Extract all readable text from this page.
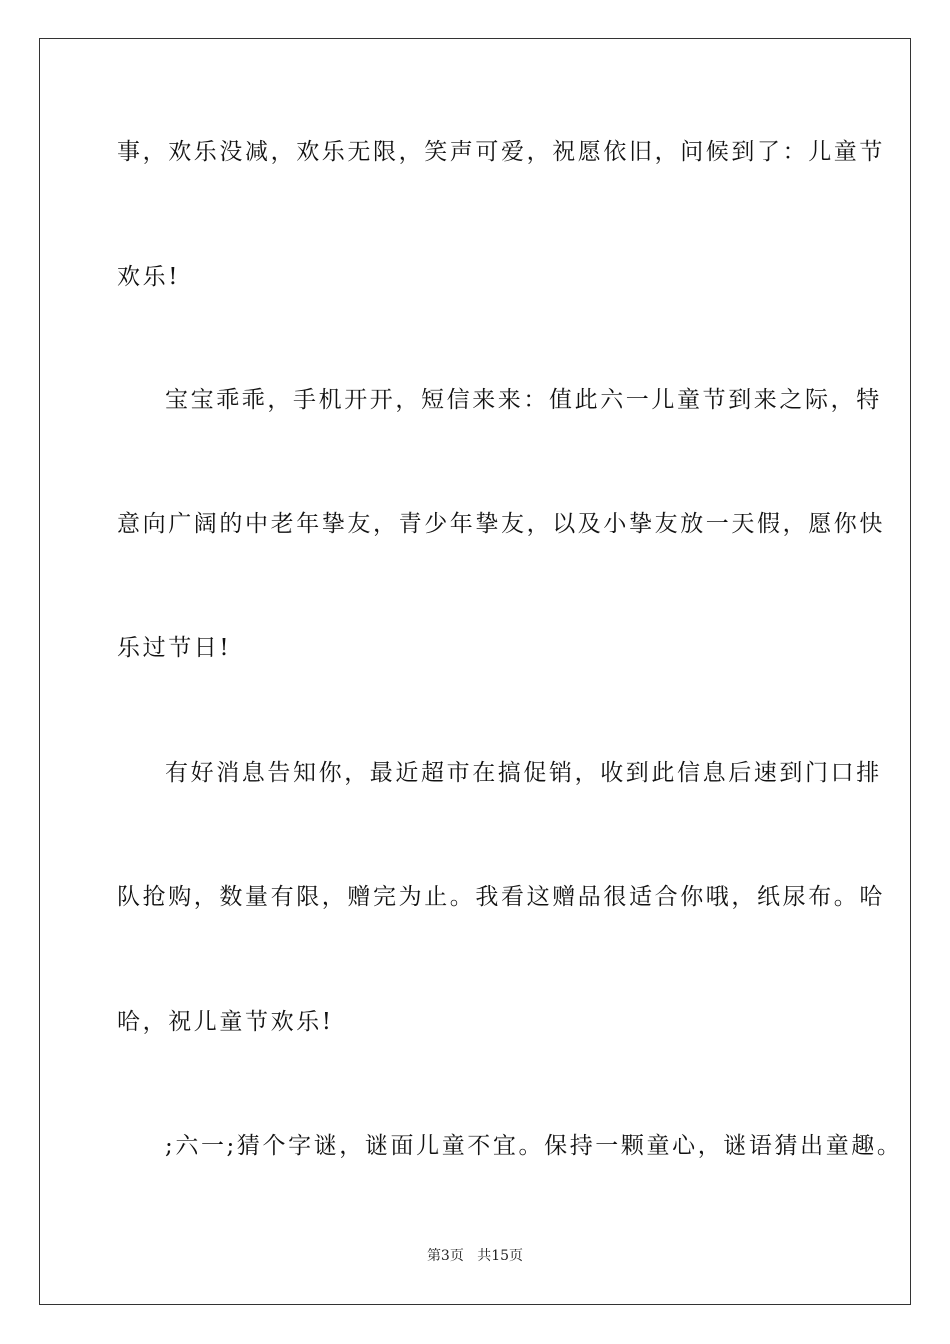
事，欢乐没减，欢乐无限，笑声可爱，祝愿依旧，问候到了：儿童节
欢乐!
宝宝乖乖，手机开开，短信来来：值此六一儿童节到来之际，特
意向广阔的中老年挚友，青少年挚友，以及小挚友放一天假，愿你快
乐过节日!
有好消息告知你，最近超市在搞促销，收到此信息后速到门口排
队抢购，数量有限，赠完为止。我看这赠品很适合你哦，纸尿布。哈
哈，祝儿童节欢乐!
;六一;猜个字谜，谜面儿童不宜。保持一颗童心，谜语猜出童趣。
第3页 共15页
